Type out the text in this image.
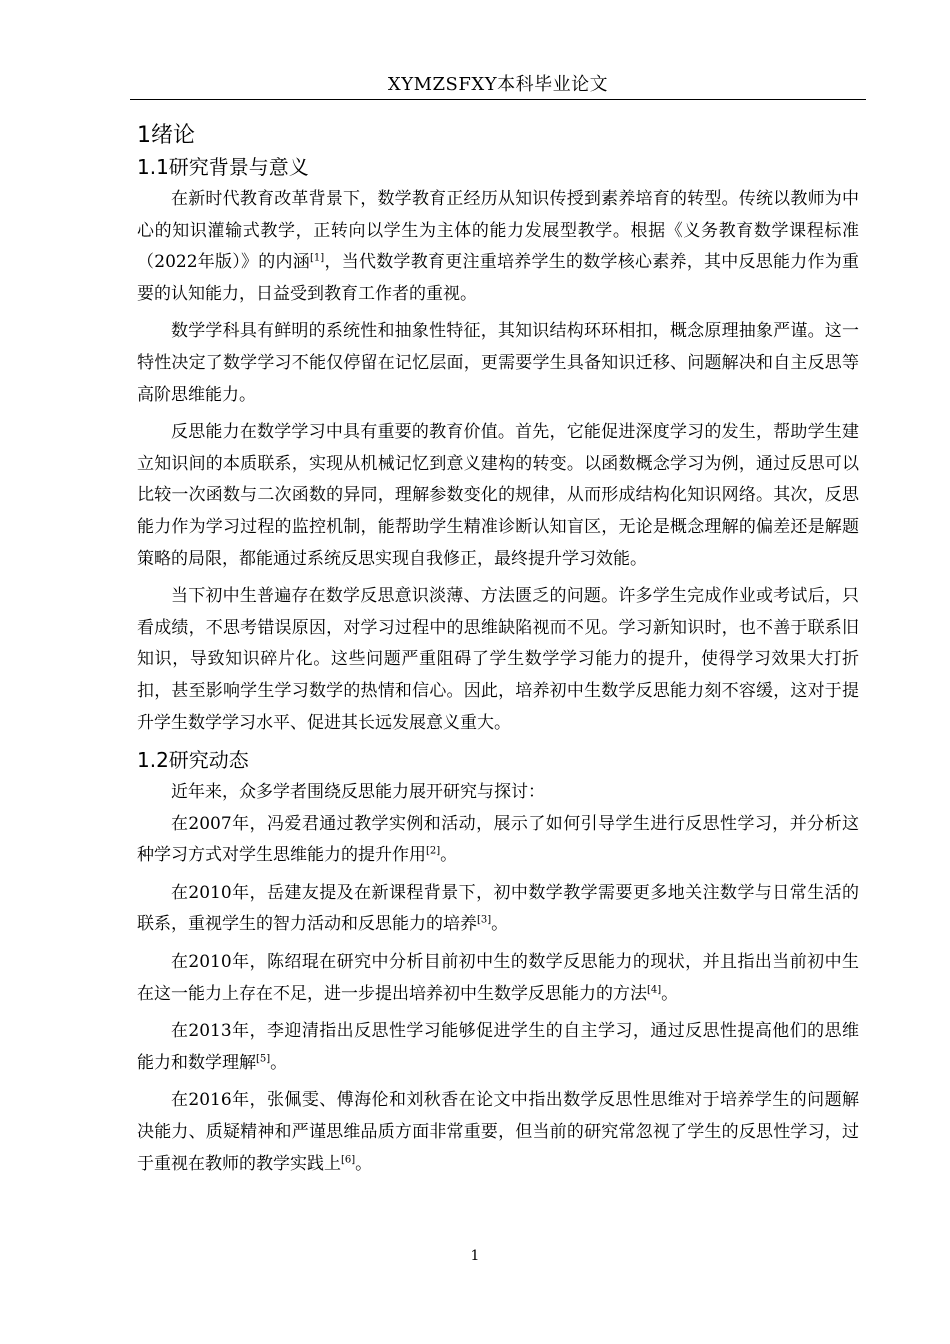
XYMZSFXY本科毕业论文
1绪论
1.1研究背景与意义

在新时代教育改革背景下，数学教育正经历从知识传授到素养培育的转型。传统以教师为中心的知识灌输式教学，正转向以学生为主体的能力发展型教学。根据《义务教育数学课程标准（2022年版）》的内涵[1]，当代数学教育更注重培养学生的数学核心素养，其中反思能力作为重要的认知能力，日益受到教育工作者的重视。

数学学科具有鲜明的系统性和抽象性特征，其知识结构环环相扣，概念原理抽象严谨。这一特性决定了数学学习不能仅停留在记忆层面，更需要学生具备知识迁移、问题解决和自主反思等高阶思维能力。

反思能力在数学学习中具有重要的教育价值。首先，它能促进深度学习的发生，帮助学生建立知识间的本质联系，实现从机械记忆到意义建构的转变。以函数概念学习为例，通过反思可以比较一次函数与二次函数的异同，理解参数变化的规律，从而形成结构化知识网络。其次，反思能力作为学习过程的监控机制，能帮助学生精准诊断认知盲区，无论是概念理解的偏差还是解题策略的局限，都能通过系统反思实现自我修正，最终提升学习效能。

当下初中生普遍存在数学反思意识淡薄、方法匮乏的问题。许多学生完成作业或考试后，只看成绩，不思考错误原因，对学习过程中的思维缺陷视而不见。学习新知识时，也不善于联系旧知识，导致知识碎片化。这些问题严重阻碍了学生数学学习能力的提升，使得学习效果大打折扣，甚至影响学生学习数学的热情和信心。因此，培养初中生数学反思能力刻不容缓，这对于提升学生数学学习水平、促进其长远发展意义重大。

1.2研究动态

近年来，众多学者围绕反思能力展开研究与探讨：

在2007年，冯爱君通过教学实例和活动，展示了如何引导学生进行反思性学习，并分析这种学习方式对学生思维能力的提升作用[2]。

在2010年，岳建友提及在新课程背景下，初中数学教学需要更多地关注数学与日常生活的联系，重视学生的智力活动和反思能力的培养[3]。

在2010年，陈绍琨在研究中分析目前初中生的数学反思能力的现状，并且指出当前初中生在这一能力上存在不足，进一步提出培养初中生数学反思能力的方法[4]。

在2013年，李迎清指出反思性学习能够促进学生的自主学习，通过反思性提高他们的思维能力和数学理解[5]。

在2016年，张佩雯、傅海伦和刘秋香在论文中指出数学反思性思维对于培养学生的问题解决能力、质疑精神和严谨思维品质方面非常重要，但当前的研究常忽视了学生的反思性学习，过于重视在教师的教学实践上[6]。

1
